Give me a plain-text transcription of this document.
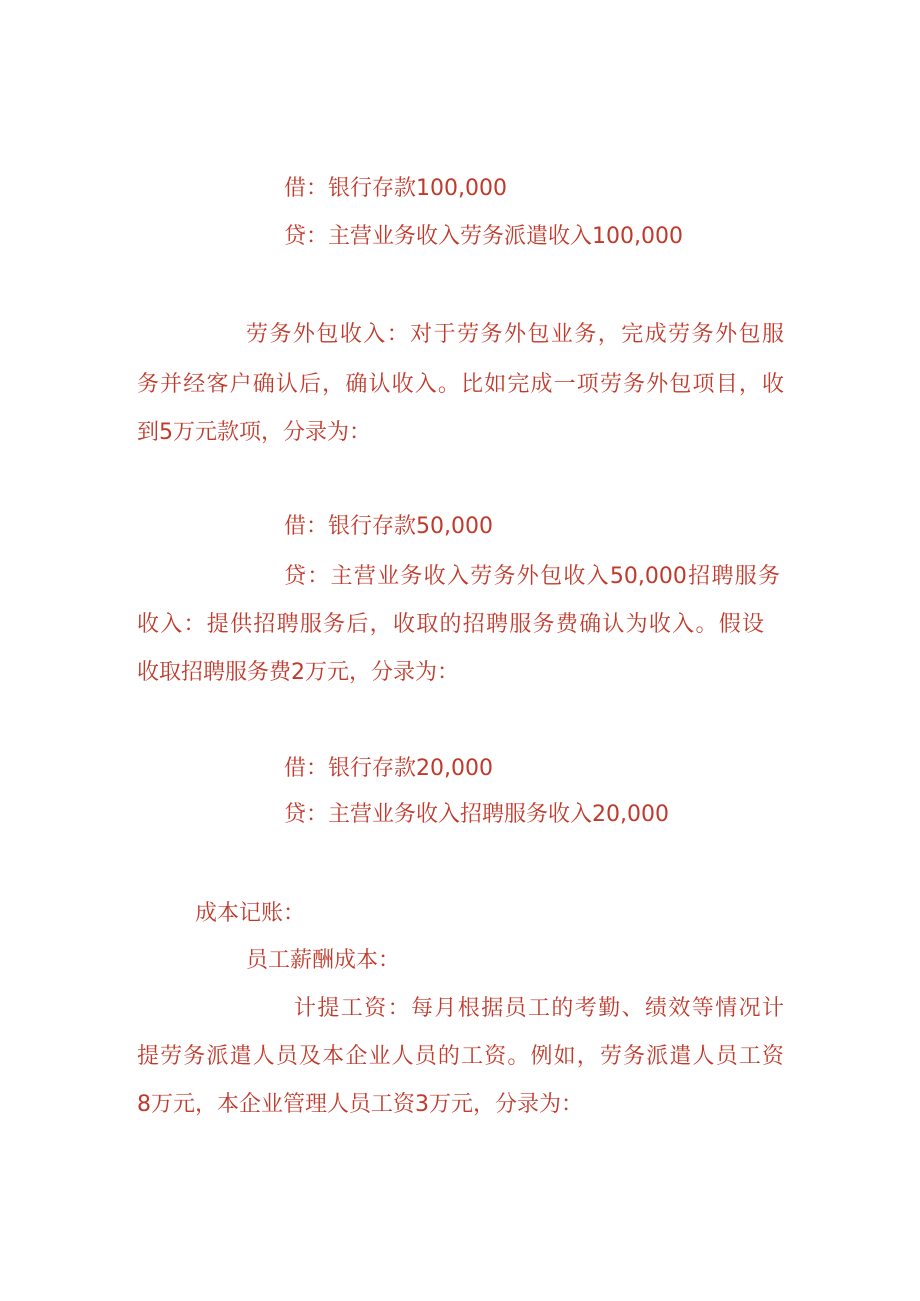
借：银行存款100,000
贷：主营业务收入劳务派遣收入100,000
劳务外包收入：对于劳务外包业务，完成劳务外包服
务并经客户确认后，确认收入。比如完成一项劳务外包项目，收
到5万元款项，分录为：
借：银行存款50,000
贷：主营业务收入劳务外包收入50,000招聘服务
收入：提供招聘服务后，收取的招聘服务费确认为收入。假设
收取招聘服务费2万元，分录为：
借：银行存款20,000
贷：主营业务收入招聘服务收入20,000
成本记账：
员工薪酬成本：
计提工资：每月根据员工的考勤、绩效等情况计
提劳务派遣人员及本企业人员的工资。例如，劳务派遣人员工资
8万元，本企业管理人员工资3万元，分录为：
